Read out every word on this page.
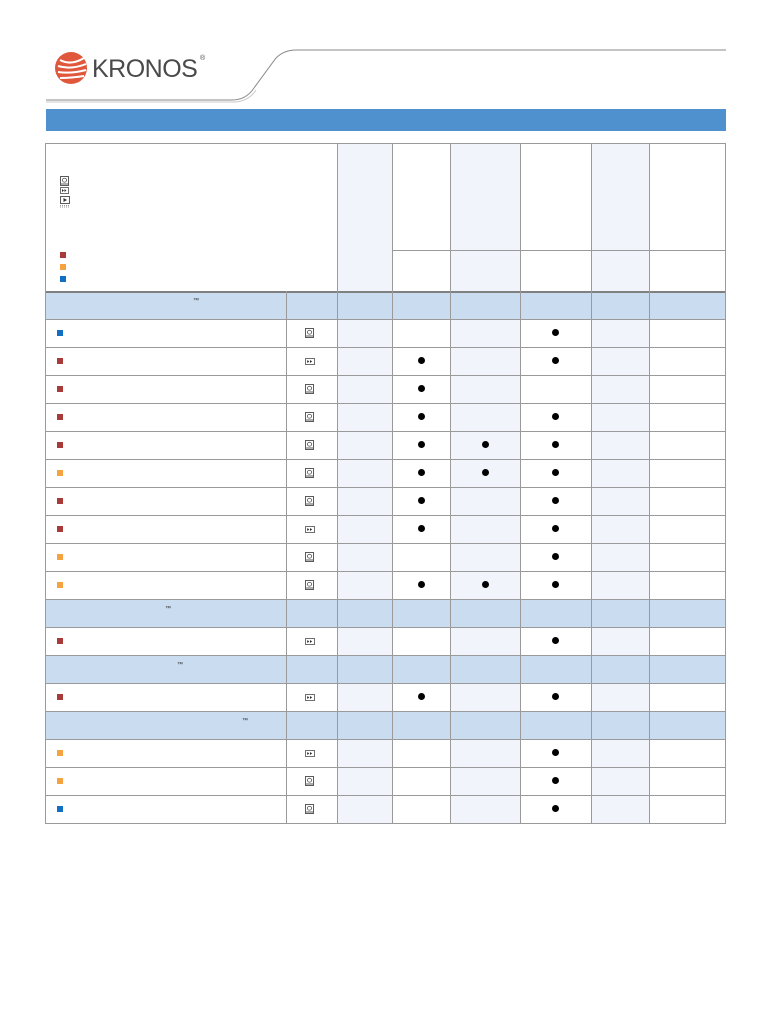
KRONOS ®
™
™
™
™
